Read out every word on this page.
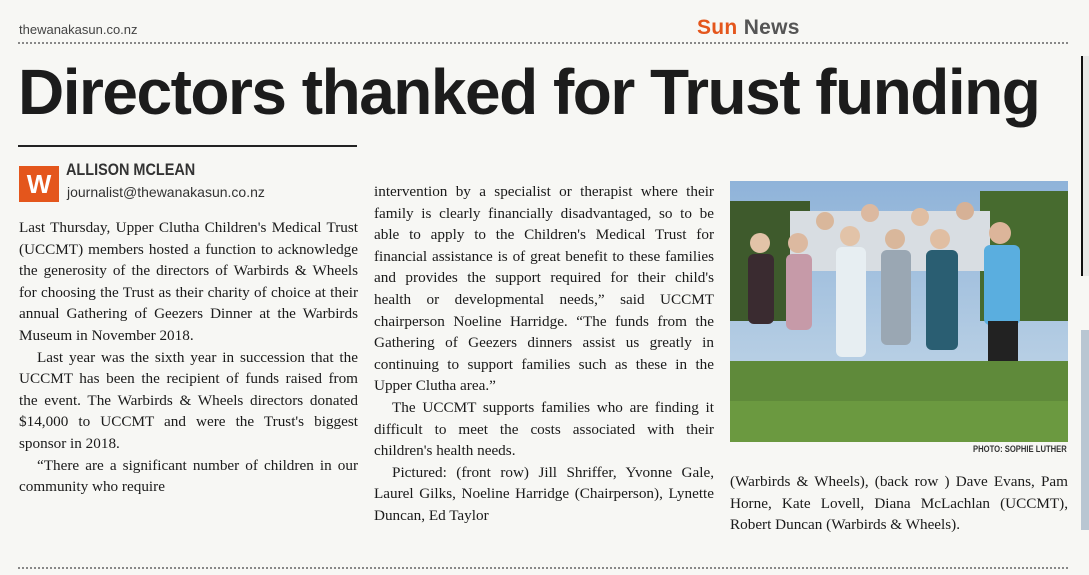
thewanakasun.co.nz	Sun News
Directors thanked for Trust funding
W ALLISON MCLEAN
journalist@thewanakasun.co.nz

Last Thursday, Upper Clutha Children's Medical Trust (UCCMT) members hosted a function to acknowledge the generosity of the directors of Warbirds & Wheels for choosing the Trust as their charity of choice at their annual Gathering of Geezers Dinner at the Warbirds Museum in November 2018.

Last year was the sixth year in succession that the UCCMT has been the recipient of funds raised from the event. The Warbirds & Wheels directors donated $14,000 to UCCMT and were the Trust's biggest sponsor in 2018.

“There are a significant number of children in our community who require

intervention by a specialist or therapist where their family is clearly financially disadvantaged, so to be able to apply to the Children's Medical Trust for financial assistance is of great benefit to these families and provides the support required for their child's health or developmental needs,” said UCCMT chairperson Noeline Harridge. “The funds from the Gathering of Geezers dinners assist us greatly in continuing to support families such as these in the Upper Clutha area.”

The UCCMT supports families who are finding it difficult to meet the costs associated with their children's health needs.

Pictured: (front row) Jill Shriffer, Yvonne Gale, Laurel Gilks, Noeline Harridge (Chairperson), Lynette Duncan, Ed Taylor

PHOTO: SOPHIE LUTHER

(Warbirds & Wheels), (back row ) Dave Evans, Pam Horne, Kate Lovell, Diana McLachlan (UCCMT), Robert Duncan (Warbirds & Wheels).
